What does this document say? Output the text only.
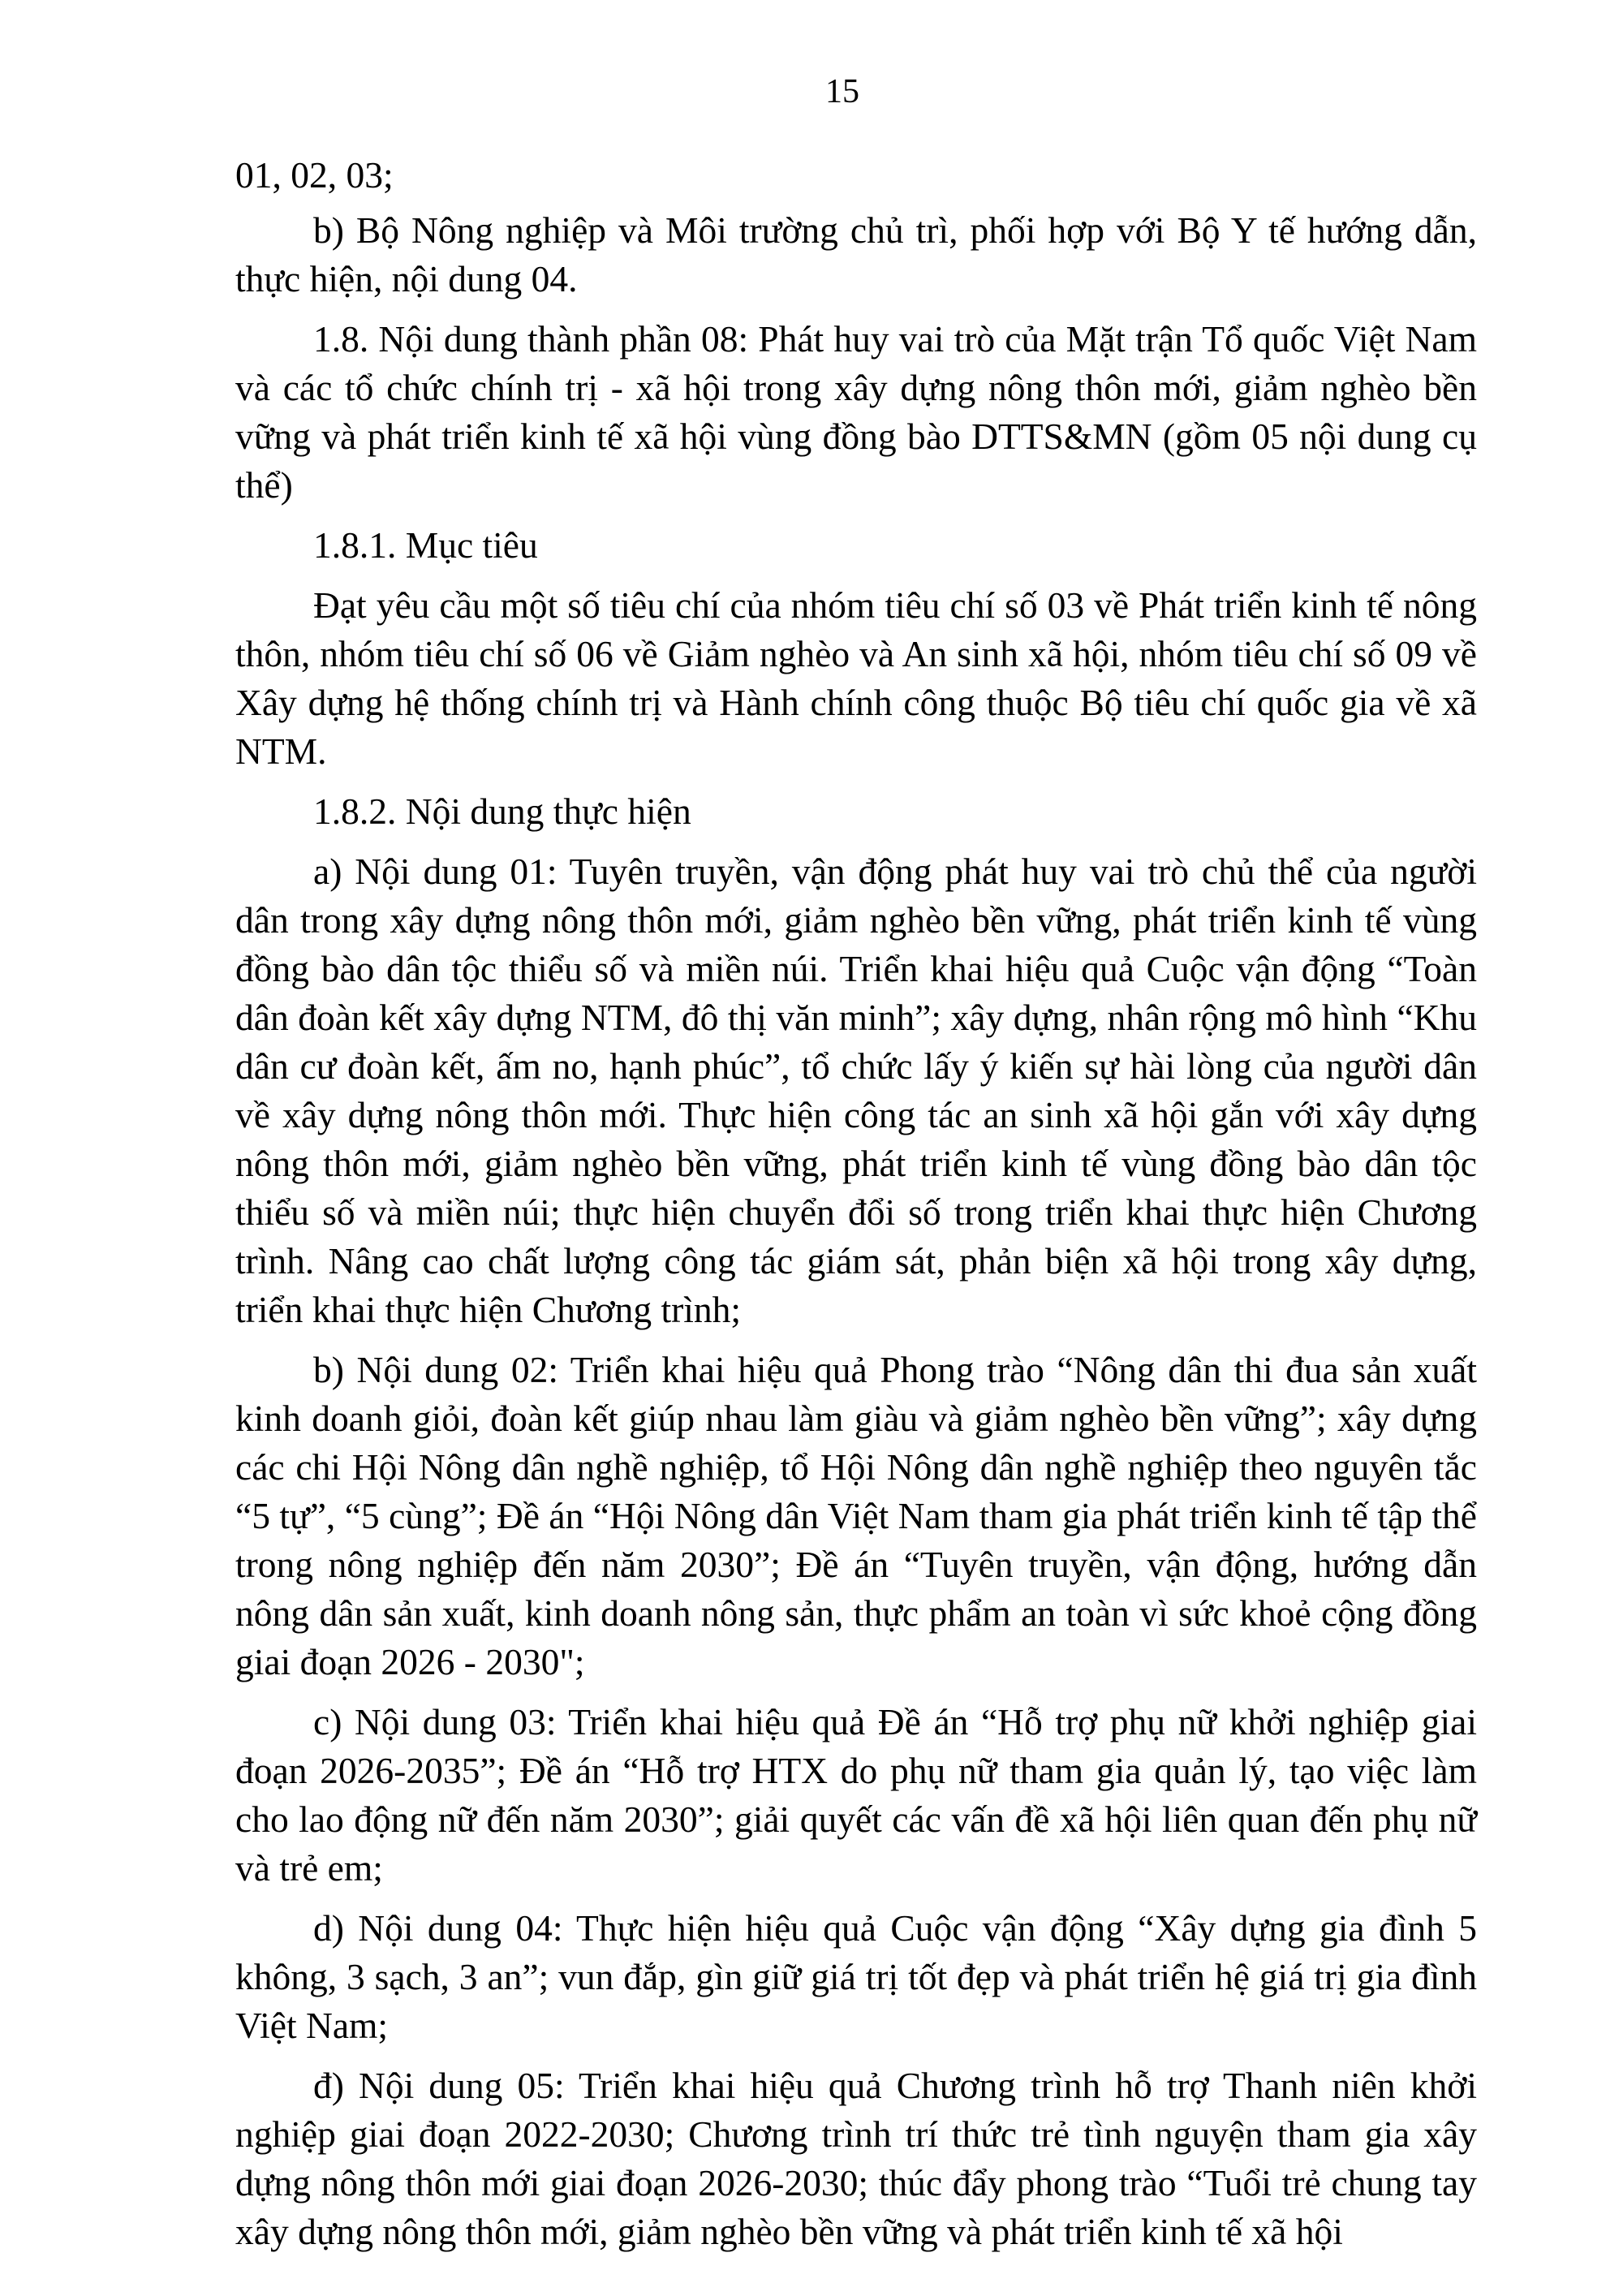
15

01, 02, 03;

b) Bộ Nông nghiệp và Môi trường chủ trì, phối hợp với Bộ Y tế hướng dẫn, thực hiện, nội dung 04.

1.8. Nội dung thành phần 08: Phát huy vai trò của Mặt trận Tổ quốc Việt Nam và các tổ chức chính trị - xã hội trong xây dựng nông thôn mới, giảm nghèo bền vững và phát triển kinh tế xã hội vùng đồng bào DTTS&MN (gồm 05 nội dung cụ thể)

1.8.1. Mục tiêu

Đạt yêu cầu một số tiêu chí của nhóm tiêu chí số 03 về Phát triển kinh tế nông thôn, nhóm tiêu chí số 06 về Giảm nghèo và An sinh xã hội, nhóm tiêu chí số 09 về Xây dựng hệ thống chính trị và Hành chính công thuộc Bộ tiêu chí quốc gia về xã NTM.

1.8.2. Nội dung thực hiện

a) Nội dung 01: Tuyên truyền, vận động phát huy vai trò chủ thể của người dân trong xây dựng nông thôn mới, giảm nghèo bền vững, phát triển kinh tế vùng đồng bào dân tộc thiểu số và miền núi. Triển khai hiệu quả Cuộc vận động “Toàn dân đoàn kết xây dựng NTM, đô thị văn minh”; xây dựng, nhân rộng mô hình “Khu dân cư đoàn kết, ấm no, hạnh phúc”, tổ chức lấy ý kiến sự hài lòng của người dân về xây dựng nông thôn mới. Thực hiện công tác an sinh xã hội gắn với xây dựng nông thôn mới, giảm nghèo bền vững, phát triển kinh tế vùng đồng bào dân tộc thiểu số và miền núi; thực hiện chuyển đổi số trong triển khai thực hiện Chương trình. Nâng cao chất lượng công tác giám sát, phản biện xã hội trong xây dựng, triển khai thực hiện Chương trình;

b) Nội dung 02: Triển khai hiệu quả Phong trào “Nông dân thi đua sản xuất kinh doanh giỏi, đoàn kết giúp nhau làm giàu và giảm nghèo bền vững”; xây dựng các chi Hội Nông dân nghề nghiệp, tổ Hội Nông dân nghề nghiệp theo nguyên tắc “5 tự”, “5 cùng”; Đề án “Hội Nông dân Việt Nam tham gia phát triển kinh tế tập thể trong nông nghiệp đến năm 2030”; Đề án “Tuyên truyền, vận động, hướng dẫn nông dân sản xuất, kinh doanh nông sản, thực phẩm an toàn vì sức khoẻ cộng đồng giai đoạn 2026 - 2030";

c) Nội dung 03: Triển khai hiệu quả Đề án “Hỗ trợ phụ nữ khởi nghiệp giai đoạn 2026-2035”; Đề án “Hỗ trợ HTX do phụ nữ tham gia quản lý, tạo việc làm cho lao động nữ đến năm 2030”; giải quyết các vấn đề xã hội liên quan đến phụ nữ và trẻ em;

d) Nội dung 04: Thực hiện hiệu quả Cuộc vận động “Xây dựng gia đình 5 không, 3 sạch, 3 an”; vun đắp, gìn giữ giá trị tốt đẹp và phát triển hệ giá trị gia đình Việt Nam;

đ) Nội dung 05: Triển khai hiệu quả Chương trình hỗ trợ Thanh niên khởi nghiệp giai đoạn 2022-2030; Chương trình trí thức trẻ tình nguyện tham gia xây dựng nông thôn mới giai đoạn 2026-2030; thúc đẩy phong trào “Tuổi trẻ chung tay xây dựng nông thôn mới, giảm nghèo bền vững và phát triển kinh tế xã hội
